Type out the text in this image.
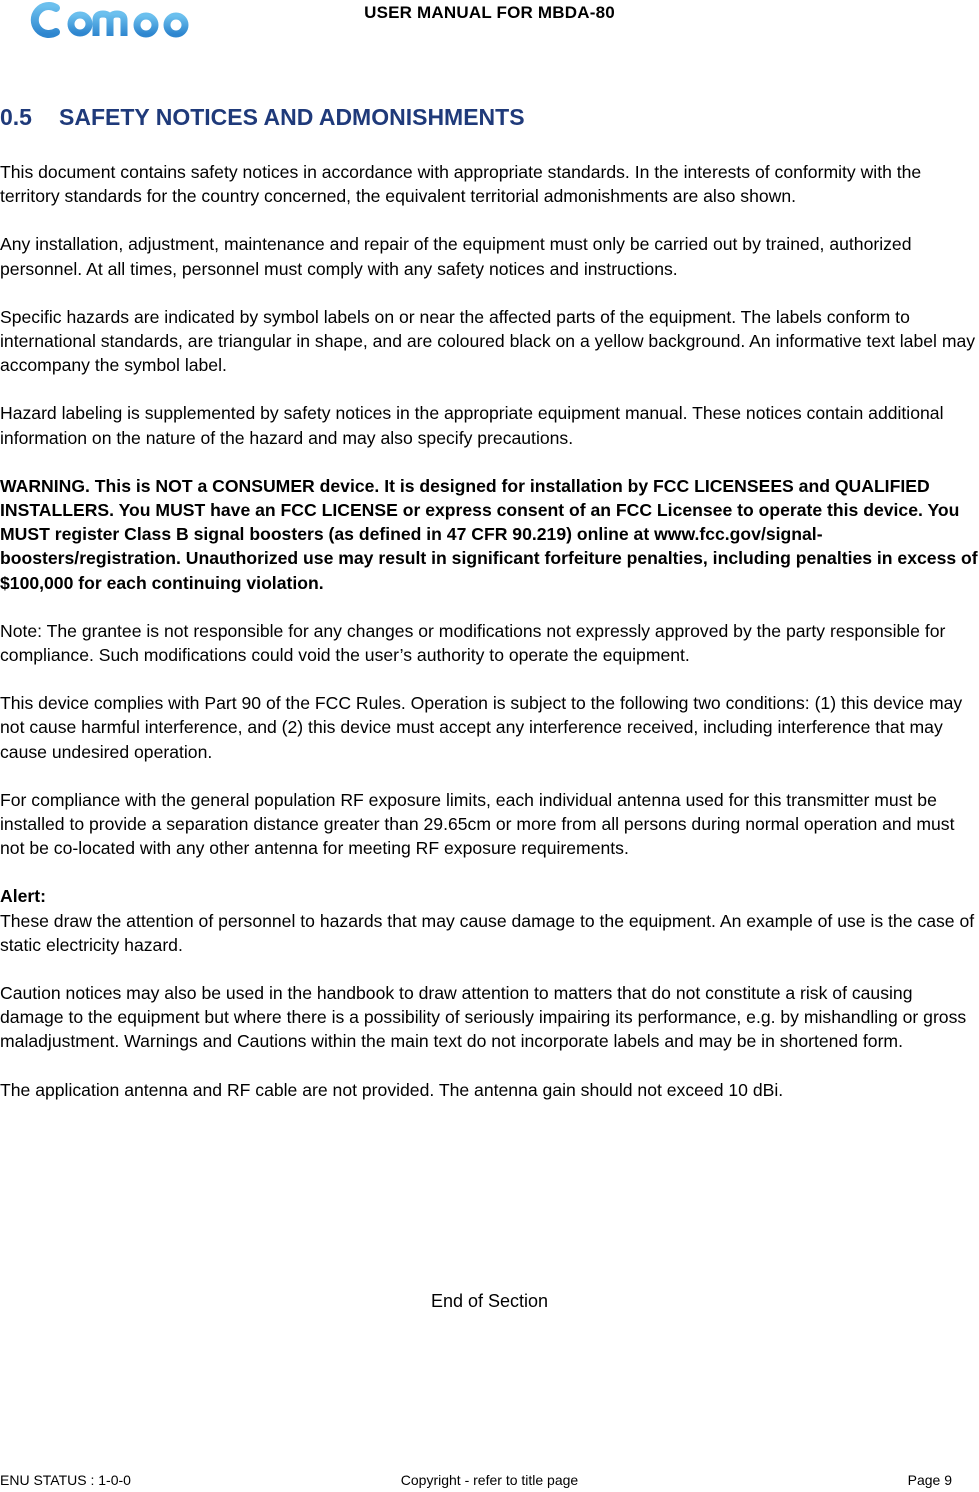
USER MANUAL FOR MBDA-80
0.5 SAFETY NOTICES AND ADMONISHMENTS

This document contains safety notices in accordance with appropriate standards. In the interests of conformity with the territory standards for the country concerned, the equivalent territorial admonishments are also shown.

Any installation, adjustment, maintenance and repair of the equipment must only be carried out by trained, authorized personnel. At all times, personnel must comply with any safety notices and instructions.

Specific hazards are indicated by symbol labels on or near the affected parts of the equipment. The labels conform to international standards, are triangular in shape, and are coloured black on a yellow background. An informative text label may accompany the symbol label.

Hazard labeling is supplemented by safety notices in the appropriate equipment manual. These notices contain additional information on the nature of the hazard and may also specify precautions.

WARNING. This is NOT a CONSUMER device. It is designed for installation by FCC LICENSEES and QUALIFIED INSTALLERS. You MUST have an FCC LICENSE or express consent of an FCC Licensee to operate this device. You MUST register Class B signal boosters (as defined in 47 CFR 90.219) online at www.fcc.gov/signal-boosters/registration. Unauthorized use may result in significant forfeiture penalties, including penalties in excess of $100,000 for each continuing violation.

Note: The grantee is not responsible for any changes or modifications not expressly approved by the party responsible for compliance. Such modifications could void the user’s authority to operate the equipment.

This device complies with Part 90 of the FCC Rules. Operation is subject to the following two conditions: (1) this device may not cause harmful interference, and (2) this device must accept any interference received, including interference that may cause undesired operation.

For compliance with the general population RF exposure limits, each individual antenna used for this transmitter must be installed to provide a separation distance greater than 29.65cm or more from all persons during normal operation and must not be co-located with any other antenna for meeting RF exposure requirements.

Alert:
These draw the attention of personnel to hazards that may cause damage to the equipment. An example of use is the case of static electricity hazard.

Caution notices may also be used in the handbook to draw attention to matters that do not constitute a risk of causing damage to the equipment but where there is a possibility of seriously impairing its performance, e.g. by mishandling or gross maladjustment. Warnings and Cautions within the main text do not incorporate labels and may be in shortened form.

The application antenna and RF cable are not provided. The antenna gain should not exceed 10 dBi.

End of Section
ENU STATUS : 1-0-0	Copyright - refer to title page	Page 9
